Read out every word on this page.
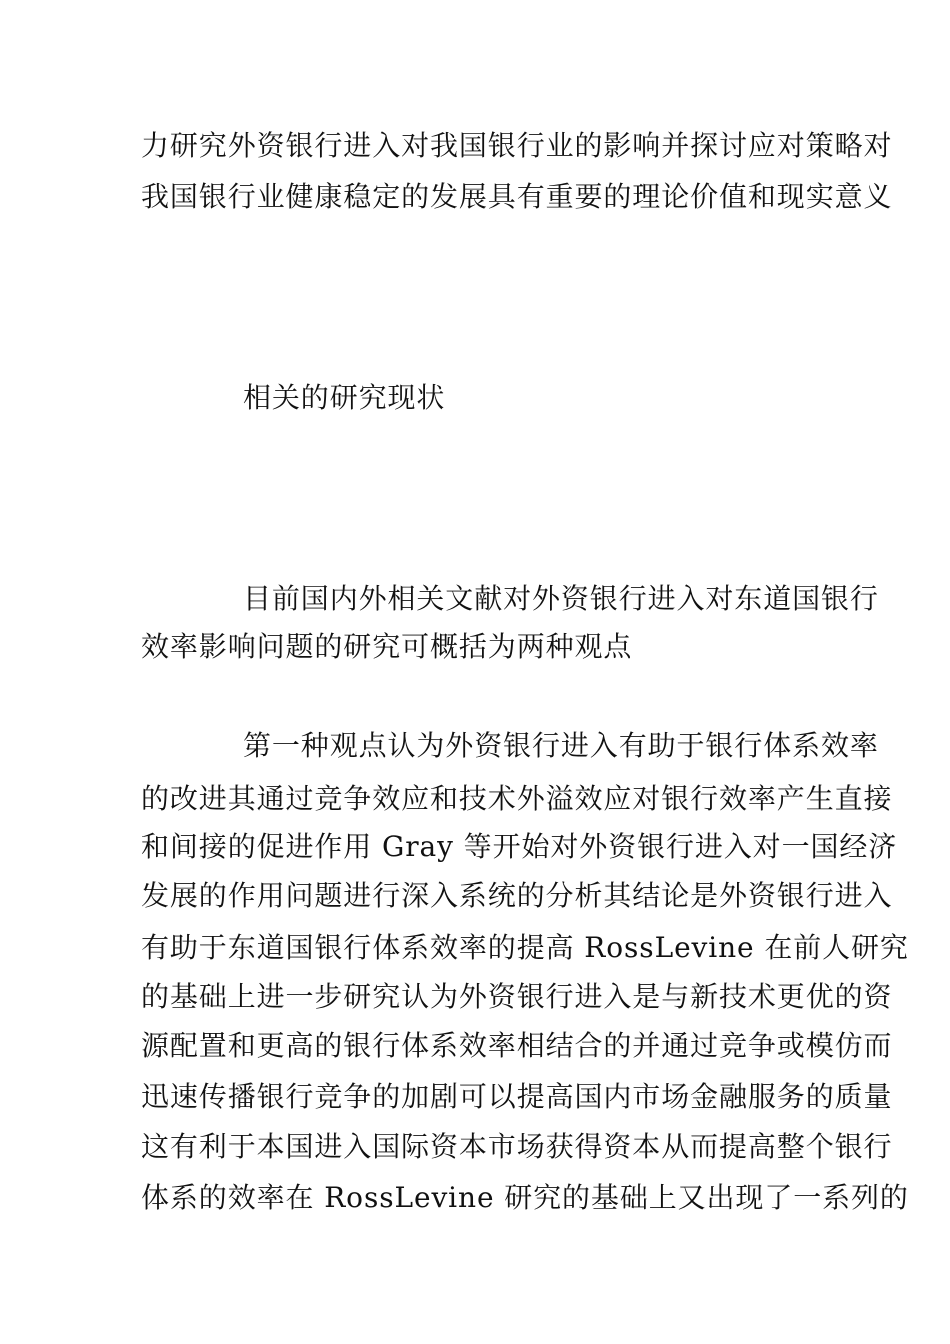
力研究外资银行进入对我国银行业的影响并探讨应对策略对
我国银行业健康稳定的发展具有重要的理论价值和现实意义
相关的研究现状
目前国内外相关文献对外资银行进入对东道国银行
效率影响问题的研究可概括为两种观点
第一种观点认为外资银行进入有助于银行体系效率
的改进其通过竞争效应和技术外溢效应对银行效率产生直接
和间接的促进作用 Gray 等开始对外资银行进入对一国经济
发展的作用问题进行深入系统的分析其结论是外资银行进入
有助于东道国银行体系效率的提高 RossLevine 在前人研究
的基础上进一步研究认为外资银行进入是与新技术更优的资
源配置和更高的银行体系效率相结合的并通过竞争或模仿而
迅速传播银行竞争的加剧可以提高国内市场金融服务的质量
这有利于本国进入国际资本市场获得资本从而提高整个银行
体系的效率在 RossLevine 研究的基础上又出现了一系列的
